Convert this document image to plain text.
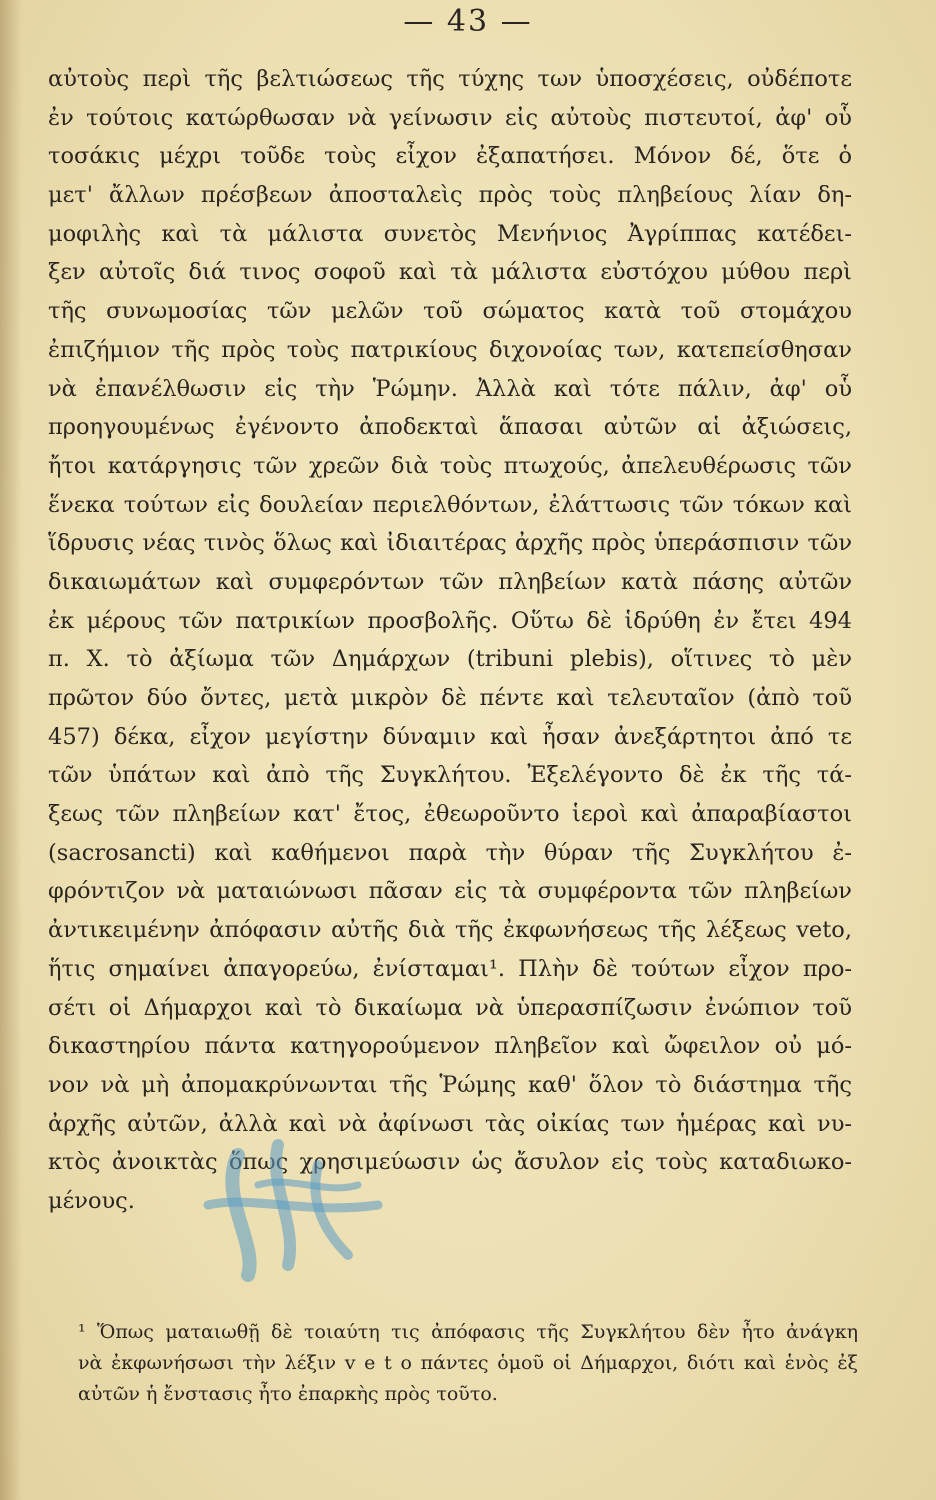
— 43 —
αὐτοὺς περὶ τῆς βελτιώσεως τῆς τύχης των ὑποσχέσεις, οὐδέποτε
ἐν τούτοις κατώρθωσαν νὰ γείνωσιν εἰς αὐτοὺς πιστευτοί, ἀφ' οὗ
τοσάκις μέχρι τοῦδε τοὺς εἶχον ἐξαπατήσει. Μόνον δέ, ὅτε ὁ
μετ' ἄλλων πρέσβεων ἀποσταλεὶς πρὸς τοὺς πληβείους λίαν δη-
μοφιλὴς καὶ τὰ μάλιστα συνετὸς Μενήνιος Ἀγρίππας κατέδει-
ξεν αὐτοῖς διά τινος σοφοῦ καὶ τὰ μάλιστα εὐστόχου μύθου περὶ
τῆς συνωμοσίας τῶν μελῶν τοῦ σώματος κατὰ τοῦ στομάχου
ἐπιζήμιον τῆς πρὸς τοὺς πατρικίους διχονοίας των, κατεπείσθησαν
νὰ ἐπανέλθωσιν εἰς τὴν Ῥώμην. Ἀλλὰ καὶ τότε πάλιν, ἀφ' οὗ
προηγουμένως ἐγένοντο ἀποδεκταὶ ἅπασαι αὐτῶν αἱ ἀξιώσεις,
ἤτοι κατάργησις τῶν χρεῶν διὰ τοὺς πτωχούς, ἀπελευθέρωσις τῶν
ἕνεκα τούτων εἰς δουλείαν περιελθόντων, ἐλάττωσις τῶν τόκων καὶ
ἵδρυσις νέας τινὸς ὅλως καὶ ἰδιαιτέρας ἀρχῆς πρὸς ὑπεράσπισιν τῶν
δικαιωμάτων καὶ συμφερόντων τῶν πληβείων κατὰ πάσης αὐτῶν
ἐκ μέρους τῶν πατρικίων προσβολῆς. Οὕτω δὲ ἱδρύθη ἐν ἔτει 494
π. Χ. τὸ ἀξίωμα τῶν Δημάρχων (tribuni plebis), οἵτινες τὸ μὲν
πρῶτον δύο ὄντες, μετὰ μικρὸν δὲ πέντε καὶ τελευταῖον (ἀπὸ τοῦ
457) δέκα, εἶχον μεγίστην δύναμιν καὶ ἦσαν ἀνεξάρτητοι ἀπό τε
τῶν ὑπάτων καὶ ἀπὸ τῆς Συγκλήτου. Ἐξελέγοντο δὲ ἐκ τῆς τά-
ξεως τῶν πληβείων κατ' ἔτος, ἐθεωροῦντο ἱεροὶ καὶ ἀπαραβίαστοι
(sacrosancti) καὶ καθήμενοι παρὰ τὴν θύραν τῆς Συγκλήτου ἐ-
φρόντιζον νὰ ματαιώνωσι πᾶσαν εἰς τὰ συμφέροντα τῶν πληβείων
ἀντικειμένην ἀπόφασιν αὐτῆς διὰ τῆς ἐκφωνήσεως τῆς λέξεως veto,
ἥτις σημαίνει ἀπαγορεύω, ἐνίσταμαι¹. Πλὴν δὲ τούτων εἶχον προ-
σέτι οἱ Δήμαρχοι καὶ τὸ δικαίωμα νὰ ὑπερασπίζωσιν ἐνώπιον τοῦ
δικαστηρίου πάντα κατηγορούμενον πληβεῖον καὶ ὤφειλον οὐ μό-
νον νὰ μὴ ἀπομακρύνωνται τῆς Ῥώμης καθ' ὅλον τὸ διάστημα τῆς
ἀρχῆς αὐτῶν, ἀλλὰ καὶ νὰ ἀφίνωσι τὰς οἰκίας των ἡμέρας καὶ νυ-
κτὸς ἀνοικτὰς ὅπως χρησιμεύωσιν ὡς ἄσυλον εἰς τοὺς καταδιωκο-
μένους.
¹ Ὅπως ματαιωθῇ δὲ τοιαύτη τις ἀπόφασις τῆς Συγκλήτου δὲν ἦτο ἀνάγκη
νὰ ἐκφωνήσωσι τὴν λέξιν v e t o πάντες ὁμοῦ οἱ Δήμαρχοι, διότι καὶ ἑνὸς ἐξ
αὐτῶν ἡ ἔνστασις ἦτο ἐπαρκὴς πρὸς τοῦτο.
